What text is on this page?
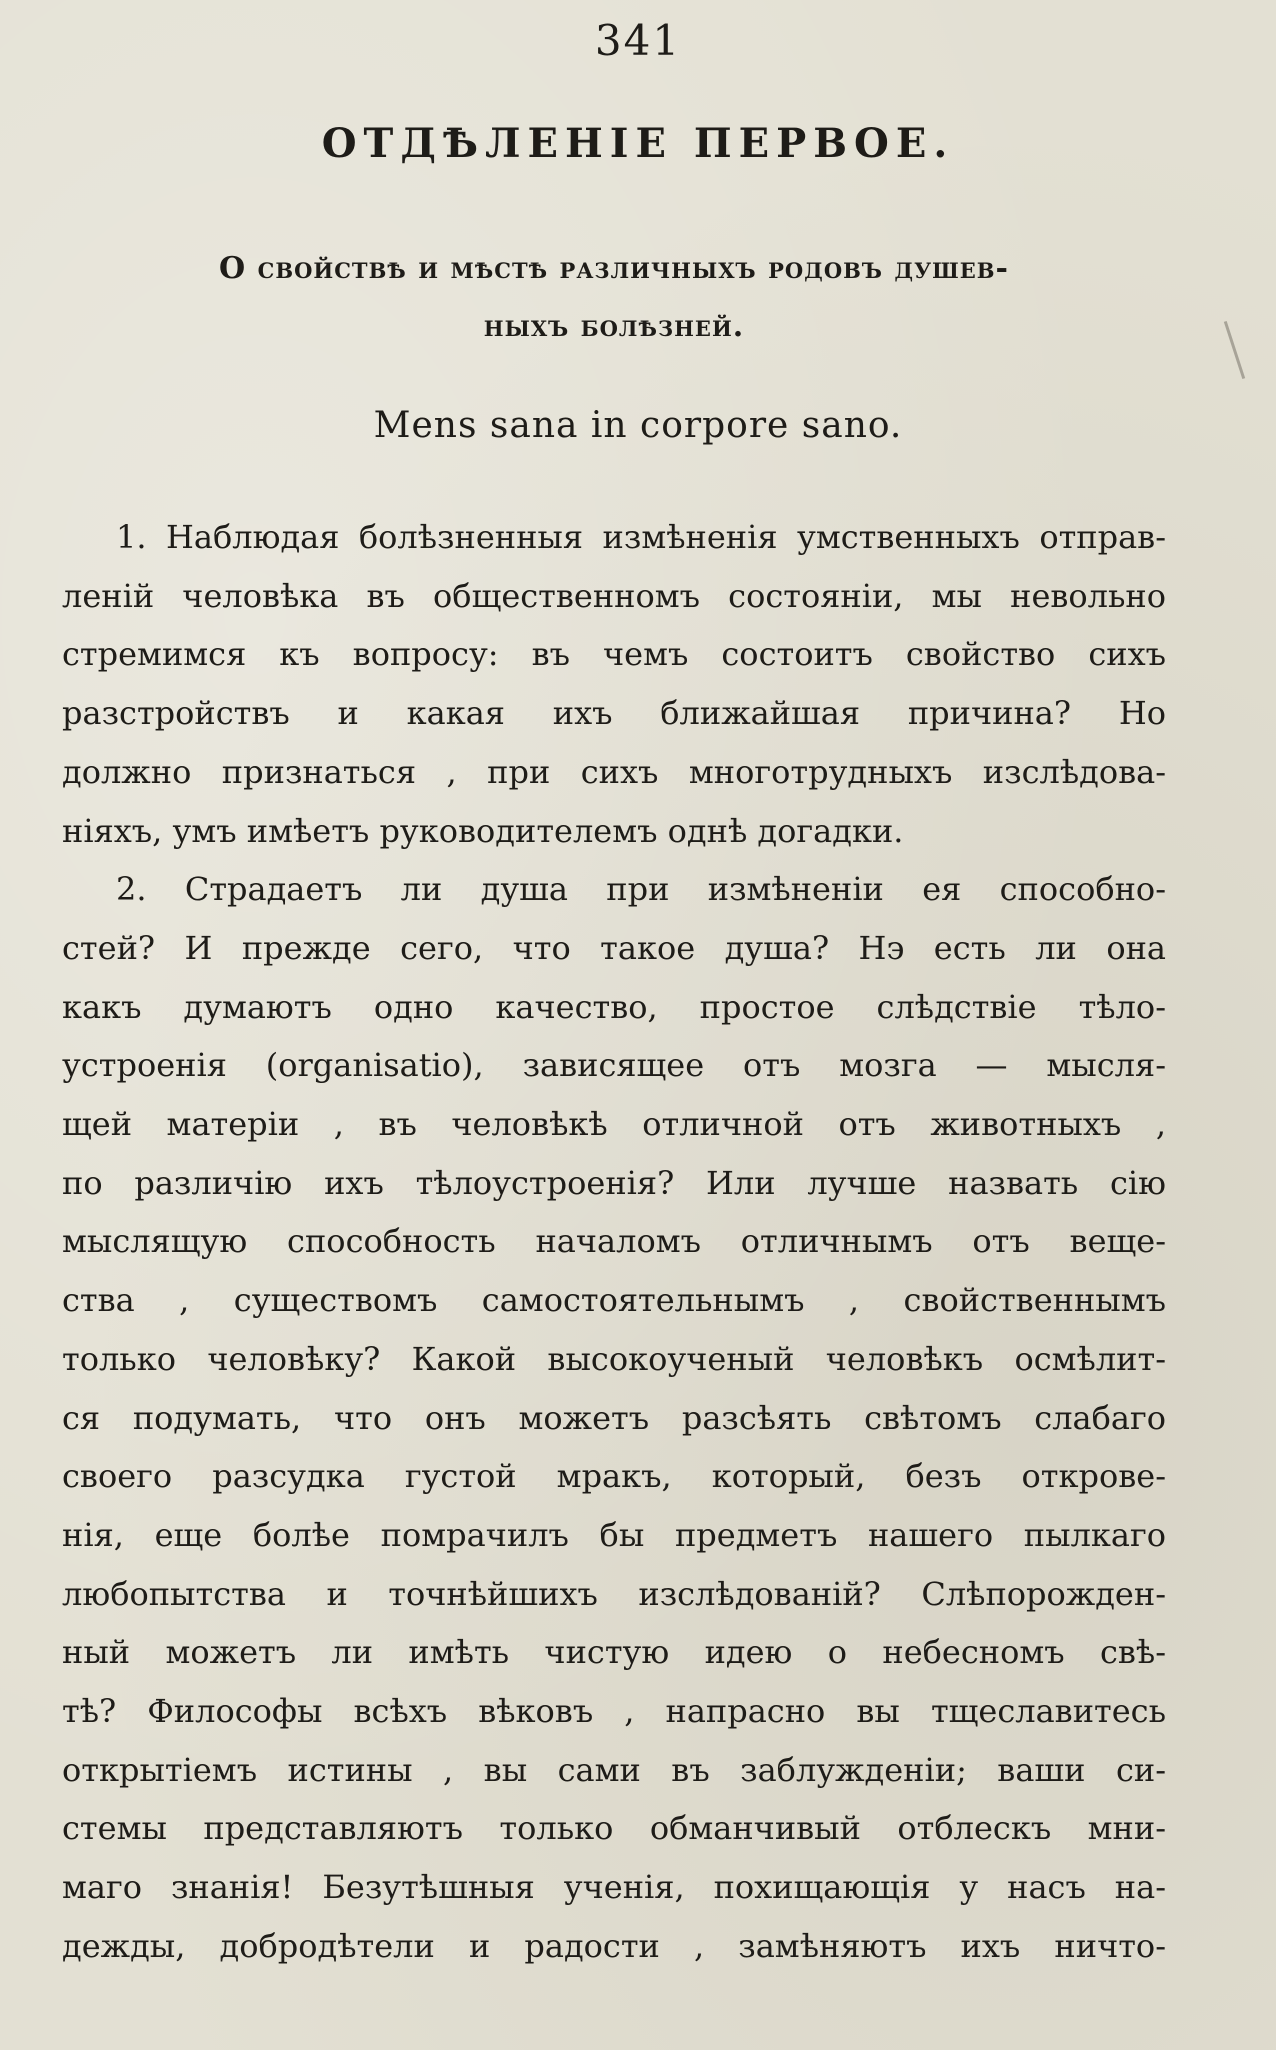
341
ОТДѢЛЕНІЕ ПЕРВОЕ.
О свойствѣ и мѣстѣ различныхъ родовъ душев-
ныхъ болѣзней.
Mens sana in corpore sano.

1. Наблюдая болѣзненныя измѣненія умственныхъ отправ-

леній человѣка въ общественномъ состояніи, мы невольно

стремимся къ вопросу: въ чемъ состоитъ свойство сихъ

разстройствъ и какая ихъ ближайшая причина? Но

должно признаться , при сихъ многотрудныхъ изслѣдова-

ніяхъ, умъ имѣетъ руководителемъ однѣ догадки.

2. Страдаетъ ли душа при измѣненіи ея способно-

стей? И прежде сего, что такое душа? Нэ есть ли она

какъ думаютъ одно качество, простое слѣдствіе тѣло-

устроенія (organisatio), зависящее отъ мозга — мысля-

щей матеріи , въ человѣкѣ отличной отъ животныхъ ,

по различію ихъ тѣлоустроенія? Или лучше назвать сію

мыслящую способность началомъ отличнымъ отъ веще-

ства , существомъ самостоятельнымъ , свойственнымъ

только человѣку? Какой высокоученый человѣкъ осмѣлит-

ся подумать, что онъ можетъ разсѣять свѣтомъ слабаго

своего разсудка густой мракъ, который, безъ открове-

нія, еще болѣе помрачилъ бы предметъ нашего пылкаго

любопытства и точнѣйшихъ изслѣдованій? Слѣпорожден-

ный можетъ ли имѣть чистую идею о небесномъ свѣ-

тѣ? Философы всѣхъ вѣковъ , напрасно вы тщеславитесь

открытіемъ истины , вы сами въ заблужденіи; ваши си-

стемы представляютъ только обманчивый отблескъ мни-

маго знанія! Безутѣшныя ученія, похищающія у насъ на-

дежды, добродѣтели и радости , замѣняютъ ихъ ничто-
